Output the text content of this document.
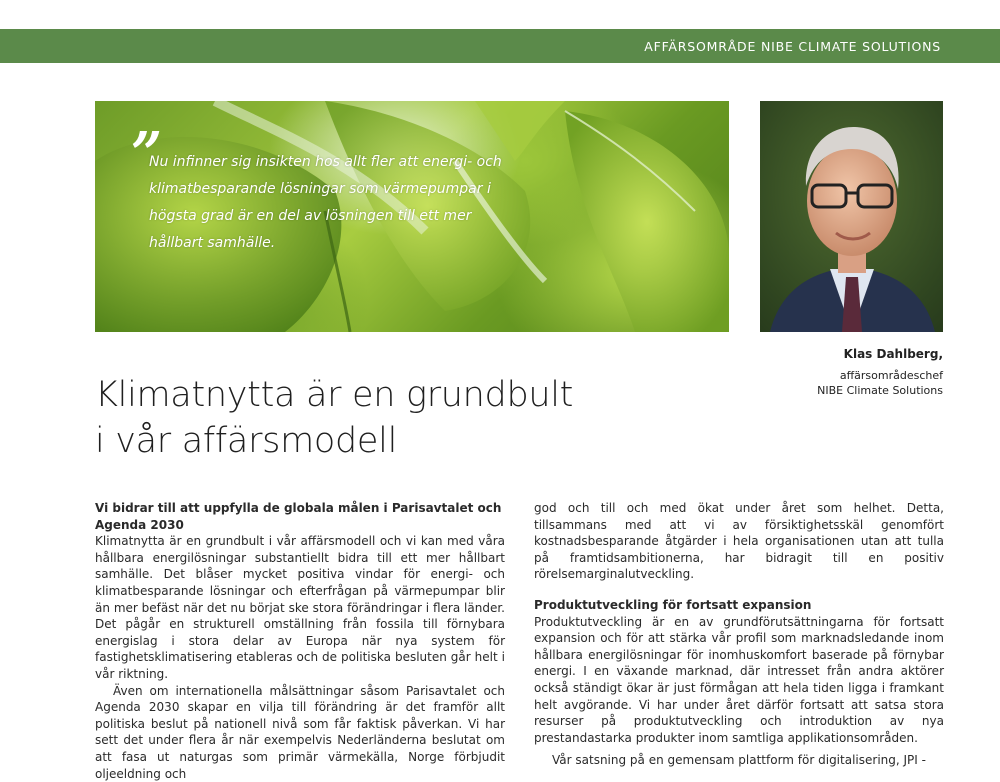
AFFÄRSOMRÅDE NIBE CLIMATE SOLUTIONS
”
Nu infinner sig insikten hos allt fler att energi- och klimatbesparande lösningar som värmepumpar i högsta grad är en del av lösningen till ett mer hållbart samhälle.
Klas Dahlberg,
affärsområdeschef
NIBE Climate Solutions
Klimatnytta är en grundbult
i vår affärsmodell
Vi bidrar till att uppfylla de globala målen i Parisavtalet och Agenda 2030

Klimatnytta är en grundbult i vår affärsmodell och vi kan med våra hållbara energilösningar substantiellt bidra till ett mer hållbart samhälle. Det blåser mycket positiva vindar för energi- och klimatbesparande lösningar och efterfrågan på värmepumpar blir än mer befäst när det nu börjat ske stora förändringar i flera länder. Det pågår en strukturell omställning från fossila till förnybara energislag i stora delar av Europa när nya system för fastighetsklimatisering etableras och de politiska besluten går helt i vår riktning.

Även om internationella målsättningar såsom Parisavtalet och Agenda 2030 skapar en vilja till förändring är det framför allt politiska beslut på nationell nivå som får faktisk påverkan. Vi har sett det under flera år när exempelvis Nederländerna beslutat om att fasa ut naturgas som primär värmekälla, Norge förbjudit oljeeldning och

god och till och med ökat under året som helhet. Detta, tillsammans med att vi av försiktighetsskäl genomfört kostnadsbesparande åtgärder i hela organisationen utan att tulla på framtidsambitionerna, har bidragit till en positiv rörelsemarginalutveckling.

Produktutveckling för fortsatt expansion

Produktutveckling är en av grundförutsättningarna för fortsatt expansion och för att stärka vår profil som marknadsledande inom hållbara energilösningar för inomhuskomfort baserade på förnybar energi. I en växande marknad, där intresset från andra aktörer också ständigt ökar är just förmågan att hela tiden ligga i framkant helt avgörande. Vi har under året därför fortsatt att satsa stora resurser på produktutveckling och introduktion av nya prestandastarka produkter inom samtliga applikationsområden.

Vår satsning på en gemensam plattform för digitalisering, JPI -
